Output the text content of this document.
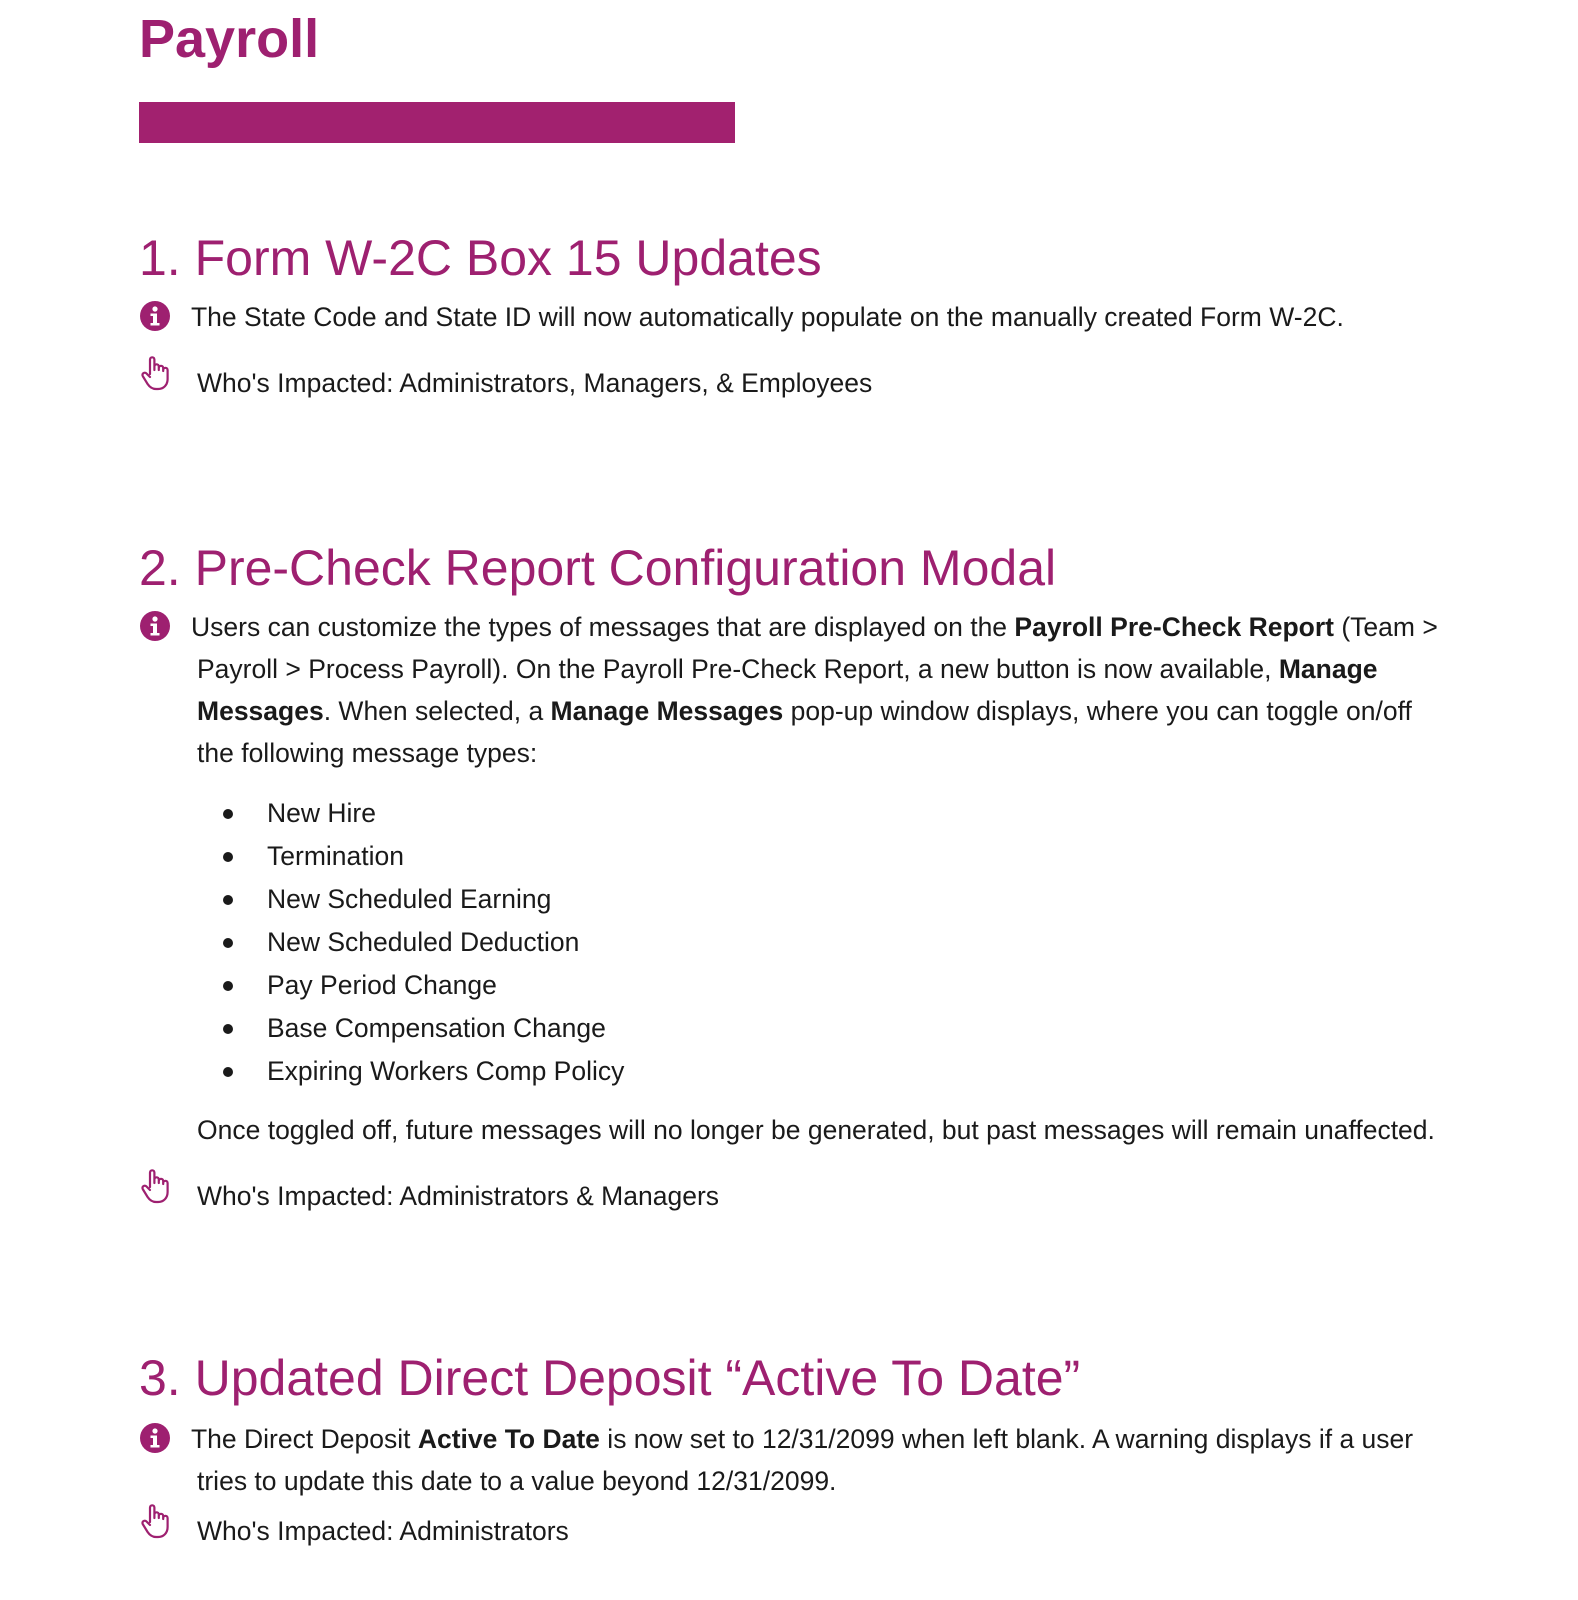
Payroll
1. Form W-2C Box 15 Updates

The State Code and State ID will now automatically populate on the manually created Form W-2C.

Who's Impacted: Administrators, Managers, & Employees
2. Pre-Check Report Configuration Modal

Users can customize the types of messages that are displayed on the Payroll Pre-Check Report (Team > Payroll > Process Payroll). On the Payroll Pre-Check Report, a new button is now available, Manage Messages. When selected, a Manage Messages pop-up window displays, where you can toggle on/off the following message types:

New Hire
Termination
New Scheduled Earning
New Scheduled Deduction
Pay Period Change
Base Compensation Change
Expiring Workers Comp Policy

Once toggled off, future messages will no longer be generated, but past messages will remain unaffected.

Who's Impacted: Administrators & Managers
3. Updated Direct Deposit “Active To Date”

The Direct Deposit Active To Date is now set to 12/31/2099 when left blank. A warning displays if a user tries to update this date to a value beyond 12/31/2099.

Who's Impacted: Administrators
